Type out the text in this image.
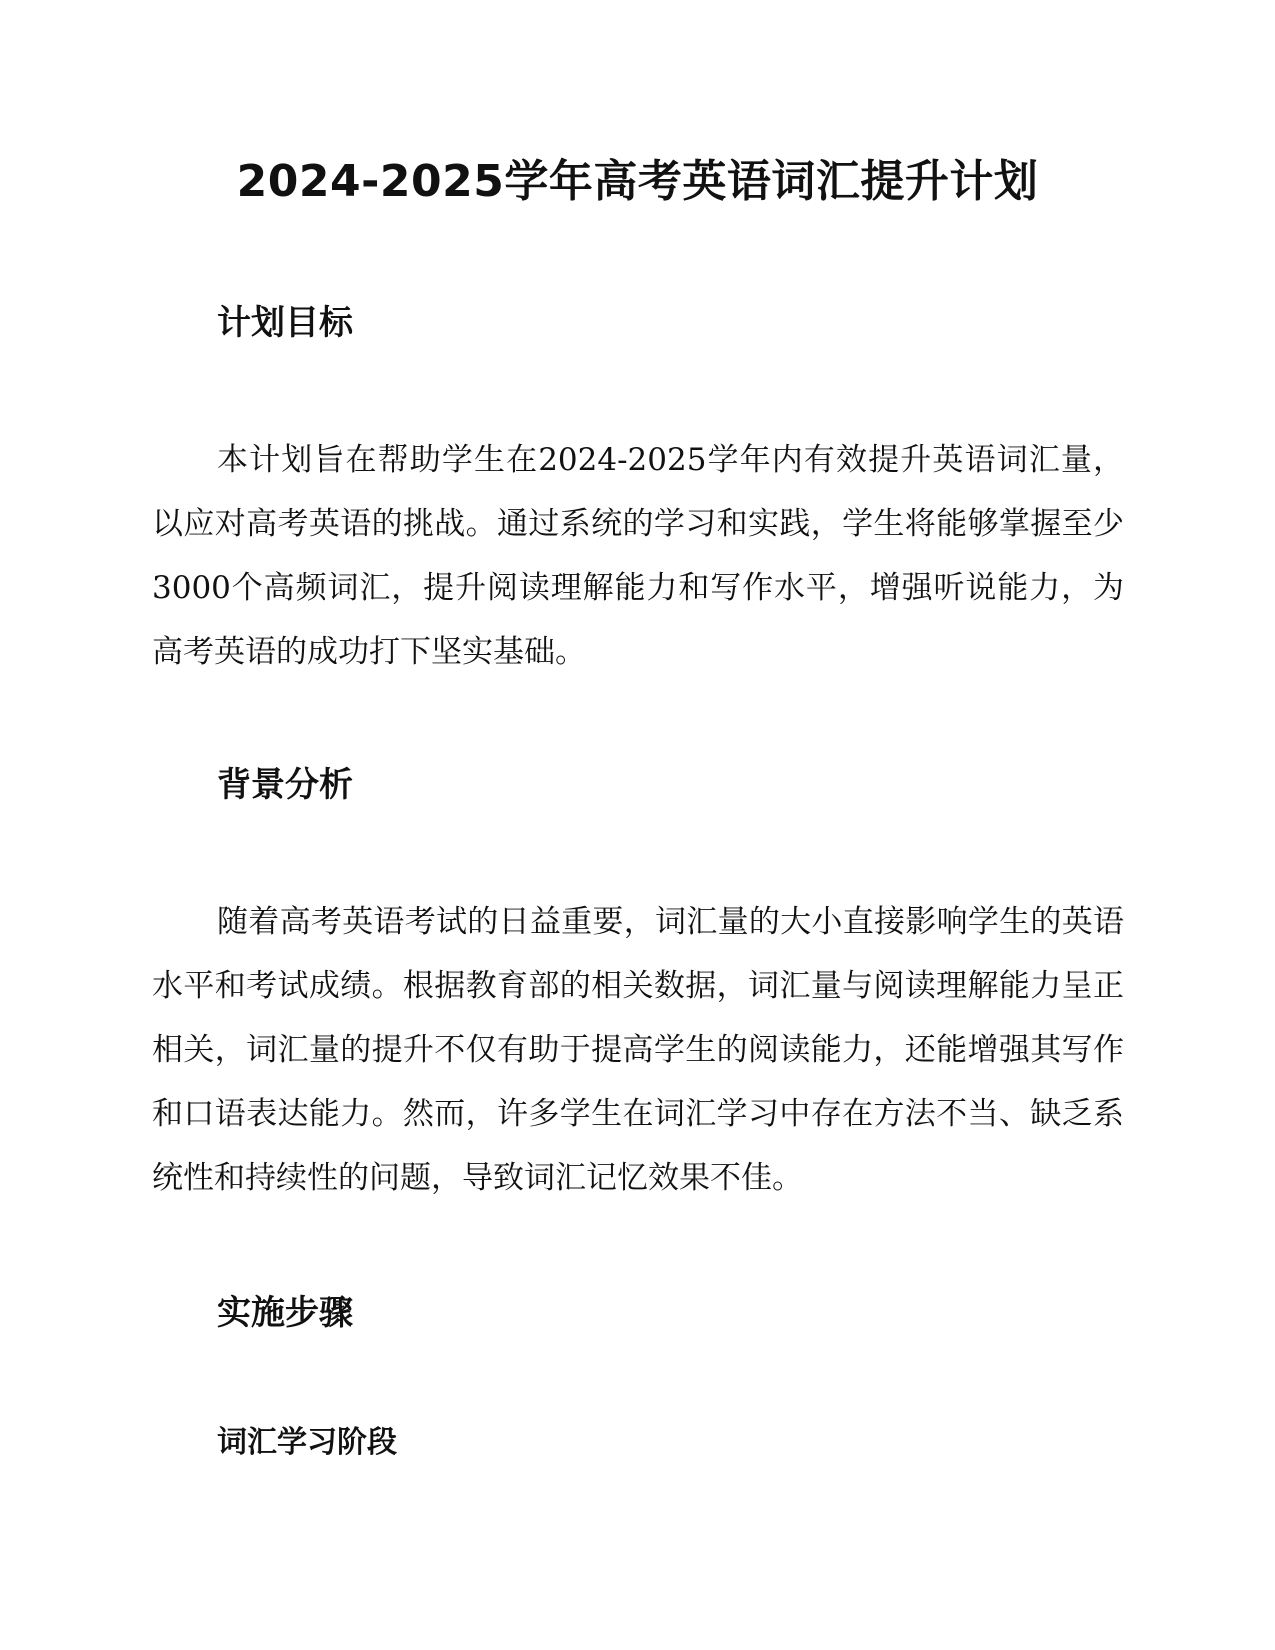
2024-2025学年高考英语词汇提升计划
计划目标

本计划旨在帮助学生在2024-2025学年内有效提升英语词汇量，以应对高考英语的挑战。通过系统的学习和实践，学生将能够掌握至少3000个高频词汇，提升阅读理解能力和写作水平，增强听说能力，为高考英语的成功打下坚实基础。

背景分析

随着高考英语考试的日益重要，词汇量的大小直接影响学生的英语水平和考试成绩。根据教育部的相关数据，词汇量与阅读理解能力呈正相关，词汇量的提升不仅有助于提高学生的阅读能力，还能增强其写作和口语表达能力。然而，许多学生在词汇学习中存在方法不当、缺乏系统性和持续性的问题，导致词汇记忆效果不佳。

实施步骤
词汇学习阶段
